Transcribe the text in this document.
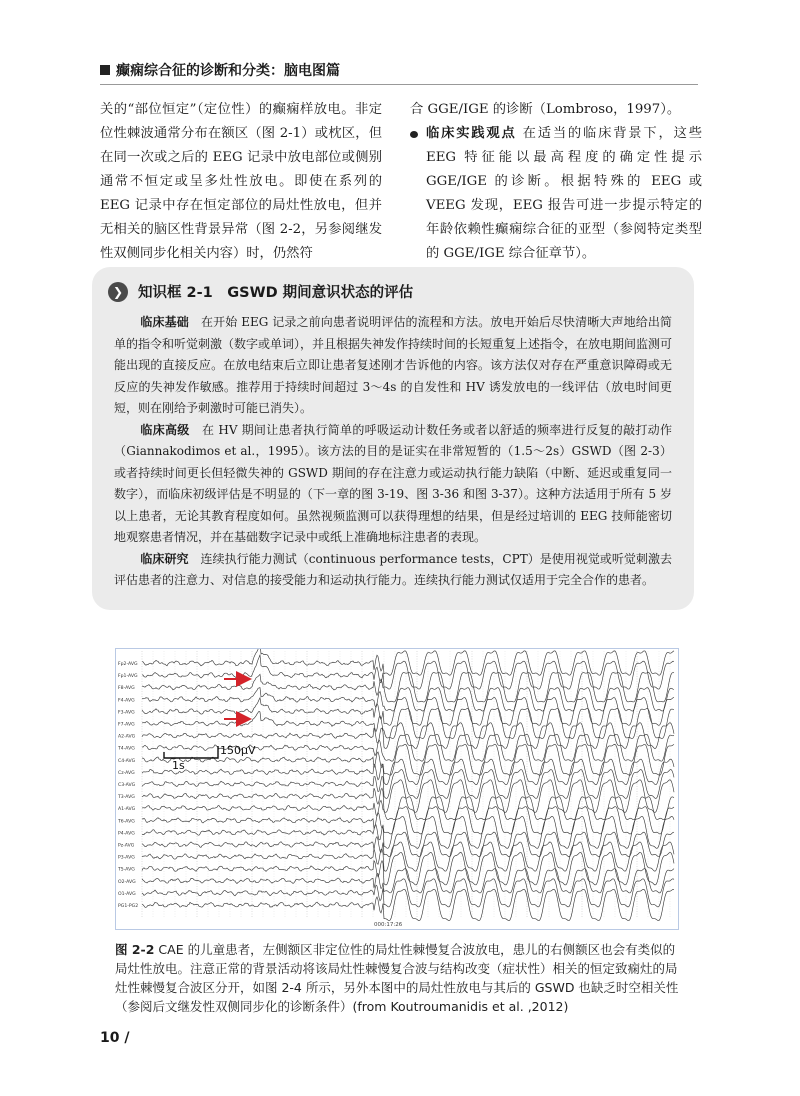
癫痫综合征的诊断和分类：脑电图篇

关的“部位恒定”（定位性）的癫痫样放电。非定位性棘波通常分布在额区（图 2-1）或枕区，但在同一次或之后的 EEG 记录中放电部位或侧别通常不恒定或呈多灶性放电。即使在系列的 EEG 记录中存在恒定部位的局灶性放电，但并无相关的脑区性背景异常（图 2-2，另参阅继发性双侧同步化相关内容）时，仍然符

合 GGE/IGE 的诊断（Lombroso，1997）。

临床实践观点 在适当的临床背景下，这些 EEG 特征能以最高程度的确定性提示 GGE/IGE 的诊断。根据特殊的 EEG 或 VEEG 发现，EEG 报告可进一步提示特定的年龄依赖性癫痫综合征的亚型（参阅特定类型的 GGE/IGE 综合征章节）。

❯	知识框 2-1　GSWD 期间意识状态的评估

临床基础　 在开始 EEG 记录之前向患者说明评估的流程和方法。放电开始后尽快清晰大声地给出简单的指令和听觉刺激（数字或单词），并且根据失神发作持续时间的长短重复上述指令，在放电期间监测可能出现的直接反应。在放电结束后立即让患者复述刚才告诉他的内容。该方法仅对存在严重意识障碍或无反应的失神发作敏感。推荐用于持续时间超过 3～4s 的自发性和 HV 诱发放电的一线评估（放电时间更短，则在刚给予刺激时可能已消失）。

临床高级　 在 HV 期间让患者执行简单的呼吸运动计数任务或者以舒适的频率进行反复的敲打动作（Giannakodimos et al.，1995）。该方法的目的是证实在非常短暂的（1.5～2s）GSWD（图 2-3）或者持续时间更长但轻微失神的 GSWD 期间的存在注意力或运动执行能力缺陷（中断、延迟或重复同一数字），而临床初级评估是不明显的（下一章的图 3-19、图 3-36 和图 3-37）。这种方法适用于所有 5 岁以上患者，无论其教育程度如何。虽然视频监测可以获得理想的结果，但是经过培训的 EEG 技师能密切地观察患者情况，并在基础数字记录中或纸上准确地标注患者的表现。

临床研究　 连续执行能力测试（continuous performance tests，CPT）是使用视觉或听觉刺激去评估患者的注意力、对信息的接受能力和运动执行能力。连续执行能力测试仅适用于完全合作的患者。

Fp2-AVG
Fp1-AVG
F8-AVG
F4-AVG
F3-AVG
F7-AVG
A2-AVG
T4-AVG
C4-AVG
Cz-AVG
C3-AVG
T3-AVG
A1-AVG
T6-AVG
P4-AVG
Pz-AVG
P3-AVG
T5-AVG
O2-AVG
O1-AVG
PG1-PG2
150μV
1s
000:17:26
图 2-2 CAE 的儿童患者，左侧额区非定位性的局灶性棘慢复合波放电，患儿的右侧额区也会有类似的局灶性放电。注意正常的背景活动将该局灶性棘慢复合波与结构改变（症状性）相关的恒定致痫灶的局灶性棘慢复合波区分开，如图 2-4 所示，另外本图中的局灶性放电与其后的 GSWD 也缺乏时空相关性（参阅后文继发性双侧同步化的诊断条件）(from Koutroumanidis et al. ,2012)
10 /
